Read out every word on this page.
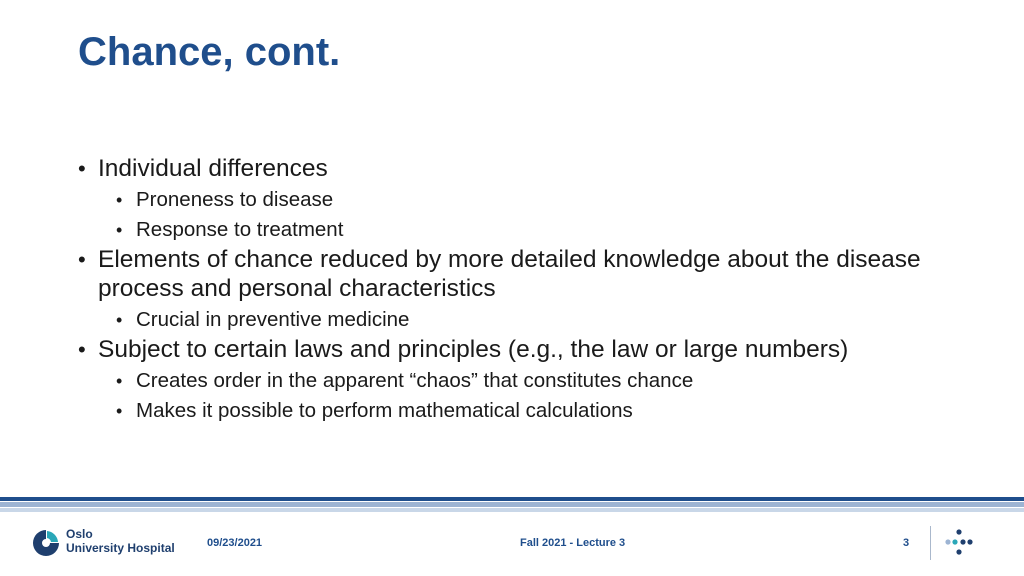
Chance, cont.
• Individual differences
• Proneness to disease
• Response to treatment
• Elements of chance reduced by more detailed knowledge about the disease process and personal characteristics
• Crucial in preventive medicine
• Subject to certain laws and principles (e.g., the law or large numbers)
• Creates order in the apparent “chaos” that constitutes chance
• Makes it possible to perform mathematical calculations
Oslo
University Hospital	09/23/2021	Fall 2021 - Lecture 3	3
